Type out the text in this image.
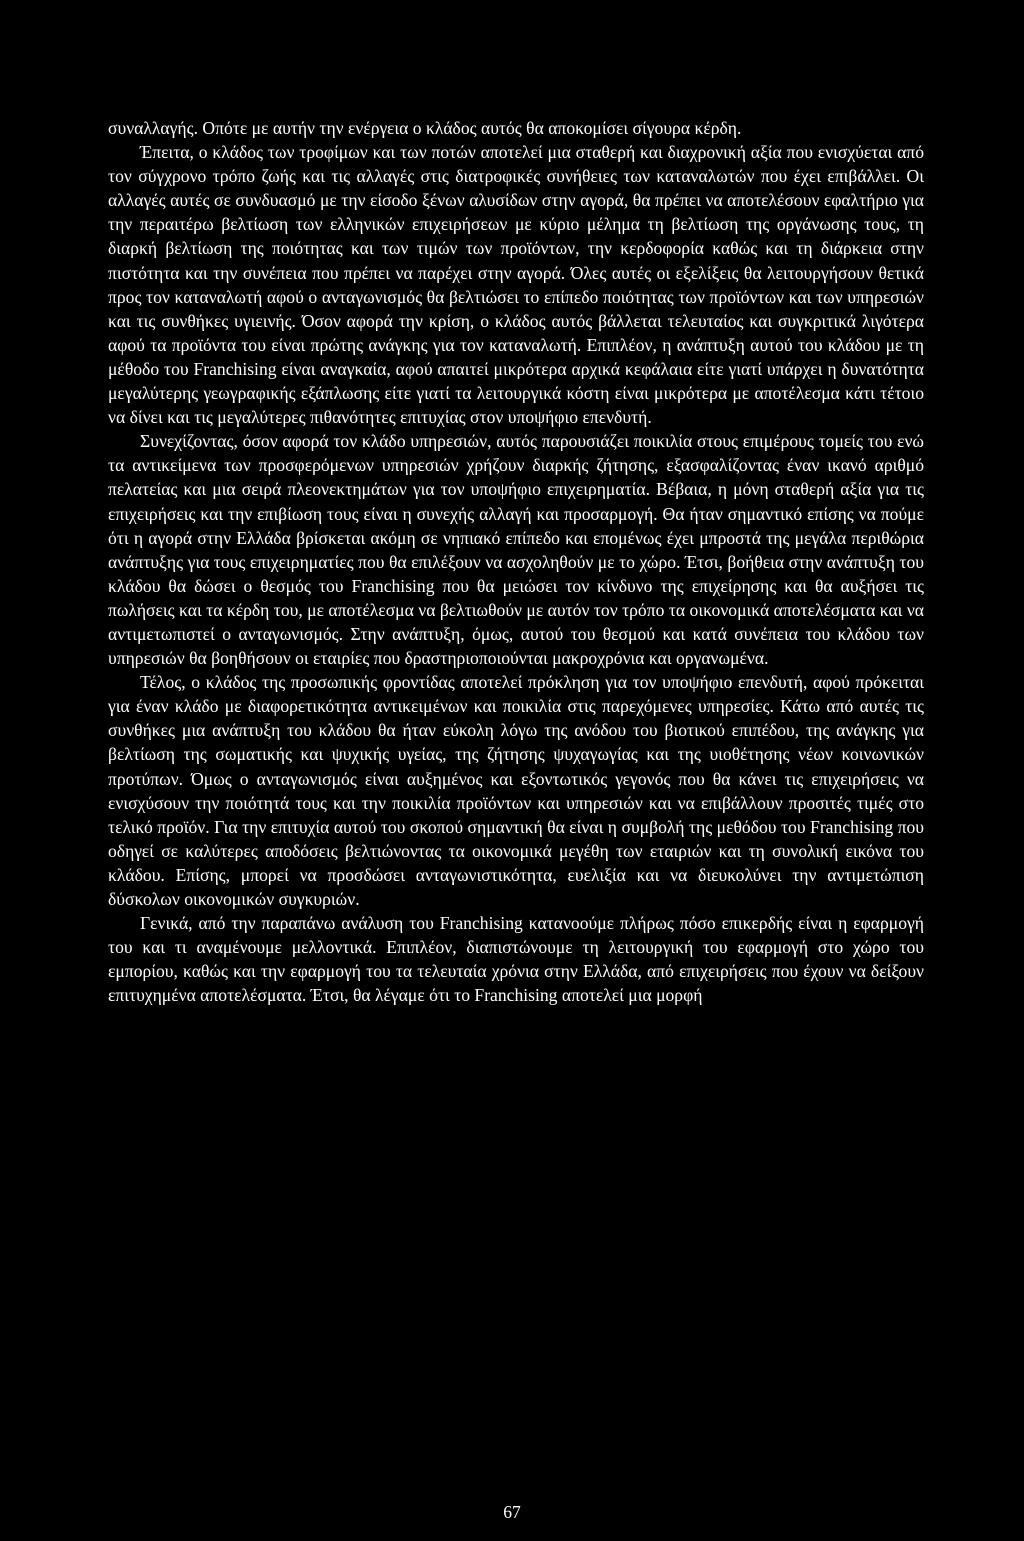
συναλλαγής. Οπότε με αυτήν την ενέργεια ο κλάδος αυτός θα αποκομίσει σίγουρα κέρδη.

Έπειτα, ο κλάδος των τροφίμων και των ποτών αποτελεί μια σταθερή και διαχρονική αξία που ενισχύεται από τον σύγχρονο τρόπο ζωής και τις αλλαγές στις διατροφικές συνήθειες των καταναλωτών που έχει επιβάλλει. Οι αλλαγές αυτές σε συνδυασμό με την είσοδο ξένων αλυσίδων στην αγορά, θα πρέπει να αποτελέσουν εφαλτήριο για την περαιτέρω βελτίωση των ελληνικών επιχειρήσεων με κύριο μέλημα τη βελτίωση της οργάνωσης τους, τη διαρκή βελτίωση της ποιότητας και των τιμών των προϊόντων, την κερδοφορία καθώς και τη διάρκεια στην πιστότητα και την συνέπεια που πρέπει να παρέχει στην αγορά. Όλες αυτές οι εξελίξεις θα λειτουργήσουν θετικά προς τον καταναλωτή αφού ο ανταγωνισμός θα βελτιώσει το επίπεδο ποιότητας των προϊόντων και των υπηρεσιών και τις συνθήκες υγιεινής. Όσον αφορά την κρίση, ο κλάδος αυτός βάλλεται τελευταίος και συγκριτικά λιγότερα αφού τα προϊόντα του είναι πρώτης ανάγκης για τον καταναλωτή. Επιπλέον, η ανάπτυξη αυτού του κλάδου με τη μέθοδο του Franchising είναι αναγκαία, αφού απαιτεί μικρότερα αρχικά κεφάλαια είτε γιατί υπάρχει η δυνατότητα μεγαλύτερης γεωγραφικής εξάπλωσης είτε γιατί τα λειτουργικά κόστη είναι μικρότερα με αποτέλεσμα κάτι τέτοιο να δίνει και τις μεγαλύτερες πιθανότητες επιτυχίας στον υποψήφιο επενδυτή.

Συνεχίζοντας, όσον αφορά τον κλάδο υπηρεσιών, αυτός παρουσιάζει ποικιλία στους επιμέρους τομείς του ενώ τα αντικείμενα των προσφερόμενων υπηρεσιών χρήζουν διαρκής ζήτησης, εξασφαλίζοντας έναν ικανό αριθμό πελατείας και μια σειρά πλεονεκτημάτων για τον υποψήφιο επιχειρηματία. Βέβαια, η μόνη σταθερή αξία για τις επιχειρήσεις και την επιβίωση τους είναι η συνεχής αλλαγή και προσαρμογή. Θα ήταν σημαντικό επίσης να πούμε ότι η αγορά στην Ελλάδα βρίσκεται ακόμη σε νηπιακό επίπεδο και επομένως έχει μπροστά της μεγάλα περιθώρια ανάπτυξης για τους επιχειρηματίες που θα επιλέξουν να ασχοληθούν με το χώρο. Έτσι, βοήθεια στην ανάπτυξη του κλάδου θα δώσει ο θεσμός του Franchising που θα μειώσει τον κίνδυνο της επιχείρησης και θα αυξήσει τις πωλήσεις και τα κέρδη του, με αποτέλεσμα να βελτιωθούν με αυτόν τον τρόπο τα οικονομικά αποτελέσματα και να αντιμετωπιστεί ο ανταγωνισμός. Στην ανάπτυξη, όμως, αυτού του θεσμού και κατά συνέπεια του κλάδου των υπηρεσιών θα βοηθήσουν οι εταιρίες που δραστηριοποιούνται μακροχρόνια και οργανωμένα.

Τέλος, ο κλάδος της προσωπικής φροντίδας αποτελεί πρόκληση για τον υποψήφιο επενδυτή, αφού πρόκειται για έναν κλάδο με διαφορετικότητα αντικειμένων και ποικιλία στις παρεχόμενες υπηρεσίες. Κάτω από αυτές τις συνθήκες μια ανάπτυξη του κλάδου θα ήταν εύκολη λόγω της ανόδου του βιοτικού επιπέδου, της ανάγκης για βελτίωση της σωματικής και ψυχικής υγείας, της ζήτησης ψυχαγωγίας και της υιοθέτησης νέων κοινωνικών προτύπων. Όμως ο ανταγωνισμός είναι αυξημένος και εξοντωτικός γεγονός που θα κάνει τις επιχειρήσεις να ενισχύσουν την ποιότητά τους και την ποικιλία προϊόντων και υπηρεσιών και να επιβάλλουν προσιτές τιμές στο τελικό προϊόν. Για την επιτυχία αυτού του σκοπού σημαντική θα είναι η συμβολή της μεθόδου του Franchising που οδηγεί σε καλύτερες αποδόσεις βελτιώνοντας τα οικονομικά μεγέθη των εταιριών και τη συνολική εικόνα του κλάδου. Επίσης, μπορεί να προσδώσει ανταγωνιστικότητα, ευελιξία και να διευκολύνει την αντιμετώπιση δύσκολων οικονομικών συγκυριών.

Γενικά, από την παραπάνω ανάλυση του Franchising κατανοούμε πλήρως πόσο επικερδής είναι η εφαρμογή του και τι αναμένουμε μελλοντικά. Επιπλέον, διαπιστώνουμε τη λειτουργική του εφαρμογή στο χώρο του εμπορίου, καθώς και την εφαρμογή του τα τελευταία χρόνια στην Ελλάδα, από επιχειρήσεις που έχουν να δείξουν επιτυχημένα αποτελέσματα. Έτσι, θα λέγαμε ότι το Franchising αποτελεί μια μορφή

67
